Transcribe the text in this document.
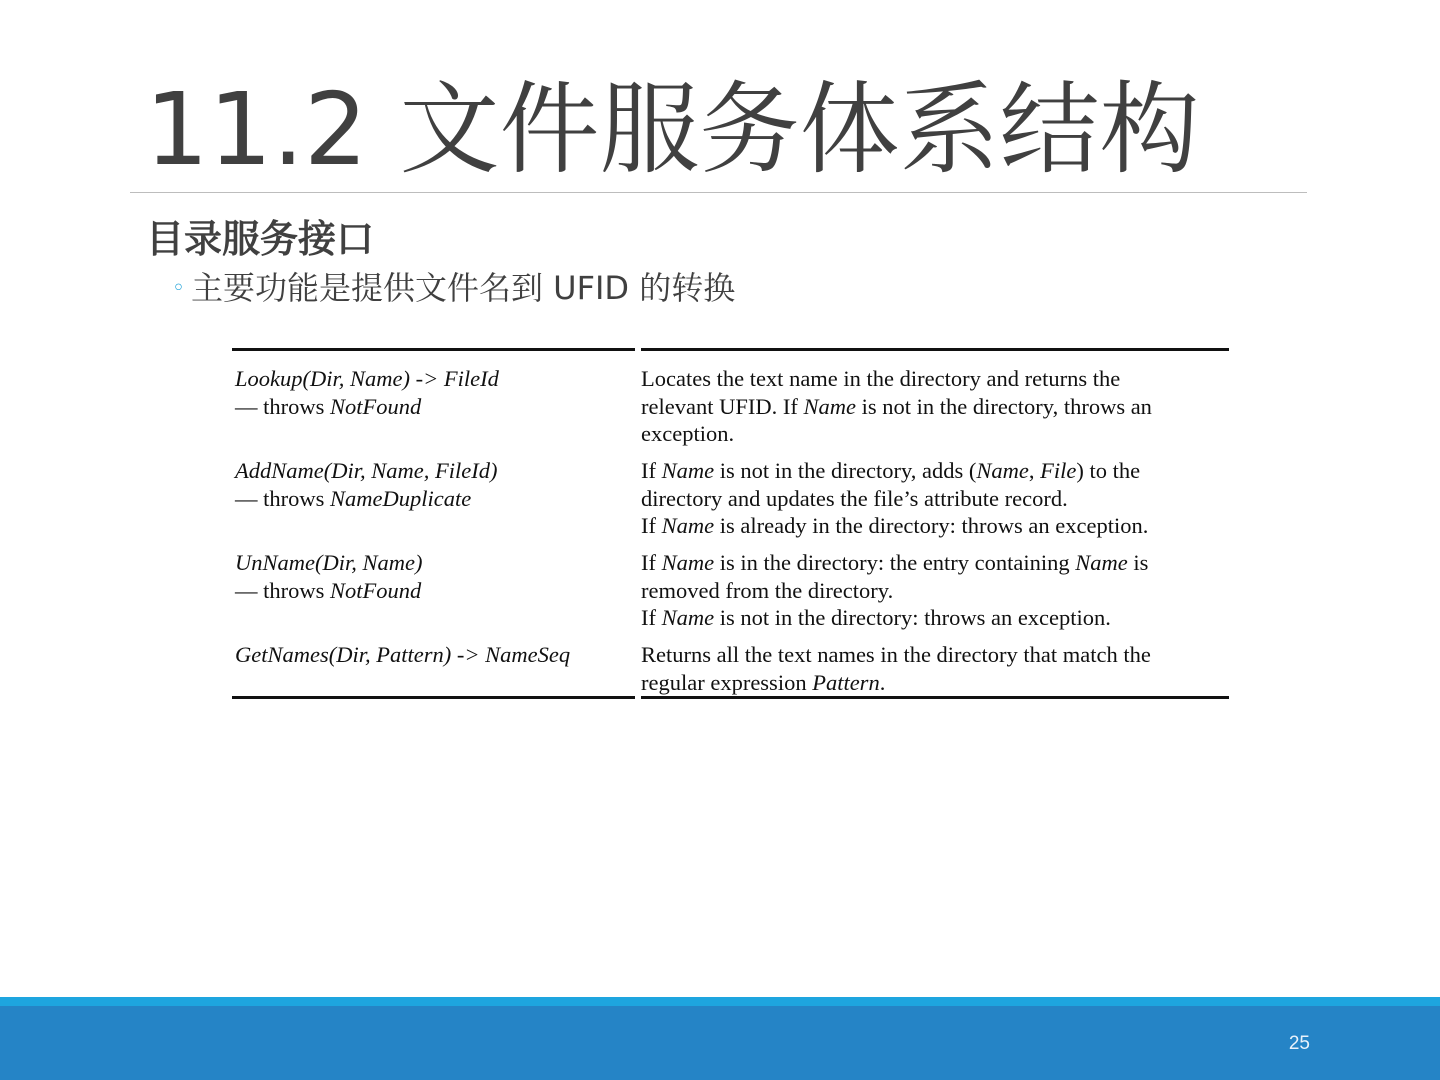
11.2 文件服务体系结构
目录服务接口
◦ 主要功能是提供文件名到 UFID 的转换
Lookup(Dir, Name) -> FileId
— throws NotFound
Locates the text name in the directory and returns the
relevant UFID. If Name is not in the directory, throws an
exception.
AddName(Dir, Name, FileId)
— throws NameDuplicate
If Name is not in the directory, adds (Name, File) to the
directory and updates the file’s attribute record.
If Name is already in the directory: throws an exception.
UnName(Dir, Name)
— throws NotFound
If Name is in the directory: the entry containing Name is
removed from the directory.
If Name is not in the directory: throws an exception.
GetNames(Dir, Pattern) -> NameSeq	Returns all the text names in the directory that match the
regular expression Pattern.
25
